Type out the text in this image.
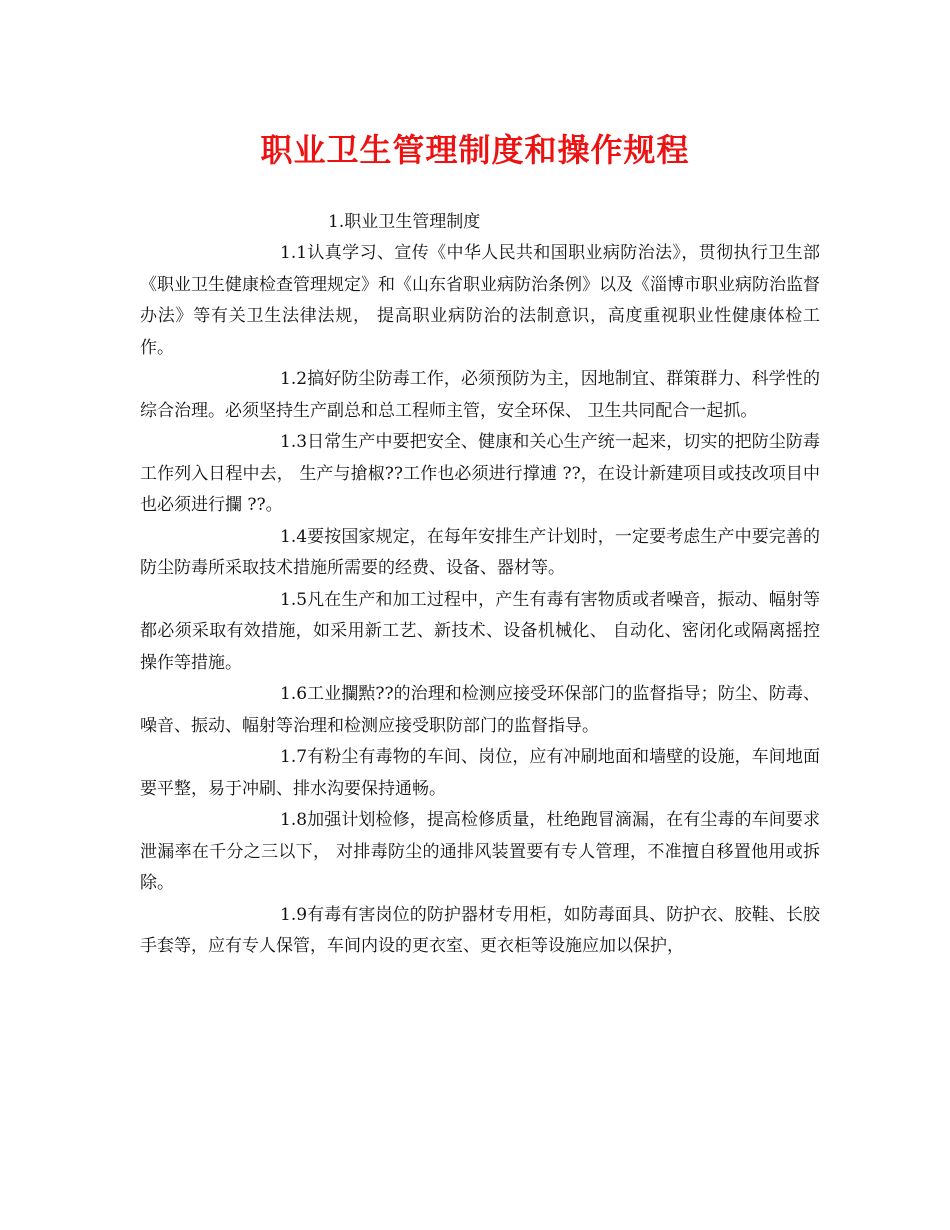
职业卫生管理制度和操作规程

1.职业卫生管理制度

1.1认真学习、宣传《中华人民共和国职业病防治法》，贯彻执行卫生部《职业卫生健康检查管理规定》和《山东省职业病防治条例》以及《淄博市职业病防治监督办法》等有关卫生法律法规， 提高职业病防治的法制意识，高度重视职业性健康体检工作。

1.2搞好防尘防毒工作，必须预防为主，因地制宜、群策群力、科学性的综合治理。必须坚持生产副总和总工程师主管，安全环保、 卫生共同配合一起抓。

1.3日常生产中要把安全、健康和关心生产统一起来，切实的把防尘防毒工作列入日程中去， 生产与搶椒??工作也必须进行撑逋 ??，在设计新建项目或技改项目中也必须进行攔 ??。

1.4要按国家规定，在每年安排生产计划时，一定要考虑生产中要完善的防尘防毒所采取技术措施所需要的经费、设备、器材等。

1.5凡在生产和加工过程中，产生有毒有害物质或者噪音，振动、幅射等都必须采取有效措施，如采用新工艺、新技术、设备机械化、 自动化、密闭化或隔离摇控操作等措施。

1.6工业攔㸃??的治理和检测应接受环保部门的监督指导；防尘、防毒、噪音、振动、幅射等治理和检测应接受职防部门的监督指导。

1.7有粉尘有毒物的车间、岗位，应有冲刷地面和墙壁的设施，车间地面要平整，易于冲刷、排水沟要保持通畅。

1.8加强计划检修，提高检修质量，杜绝跑冒滴漏，在有尘毒的车间要求泄漏率在千分之三以下， 对排毒防尘的通排风装置要有专人管理，不准擅自移置他用或拆除。

1.9有毒有害岗位的防护器材专用柜，如防毒面具、防护衣、胶鞋、长胶手套等，应有专人保管，车间内设的更衣室、更衣柜等设施应加以保护，
